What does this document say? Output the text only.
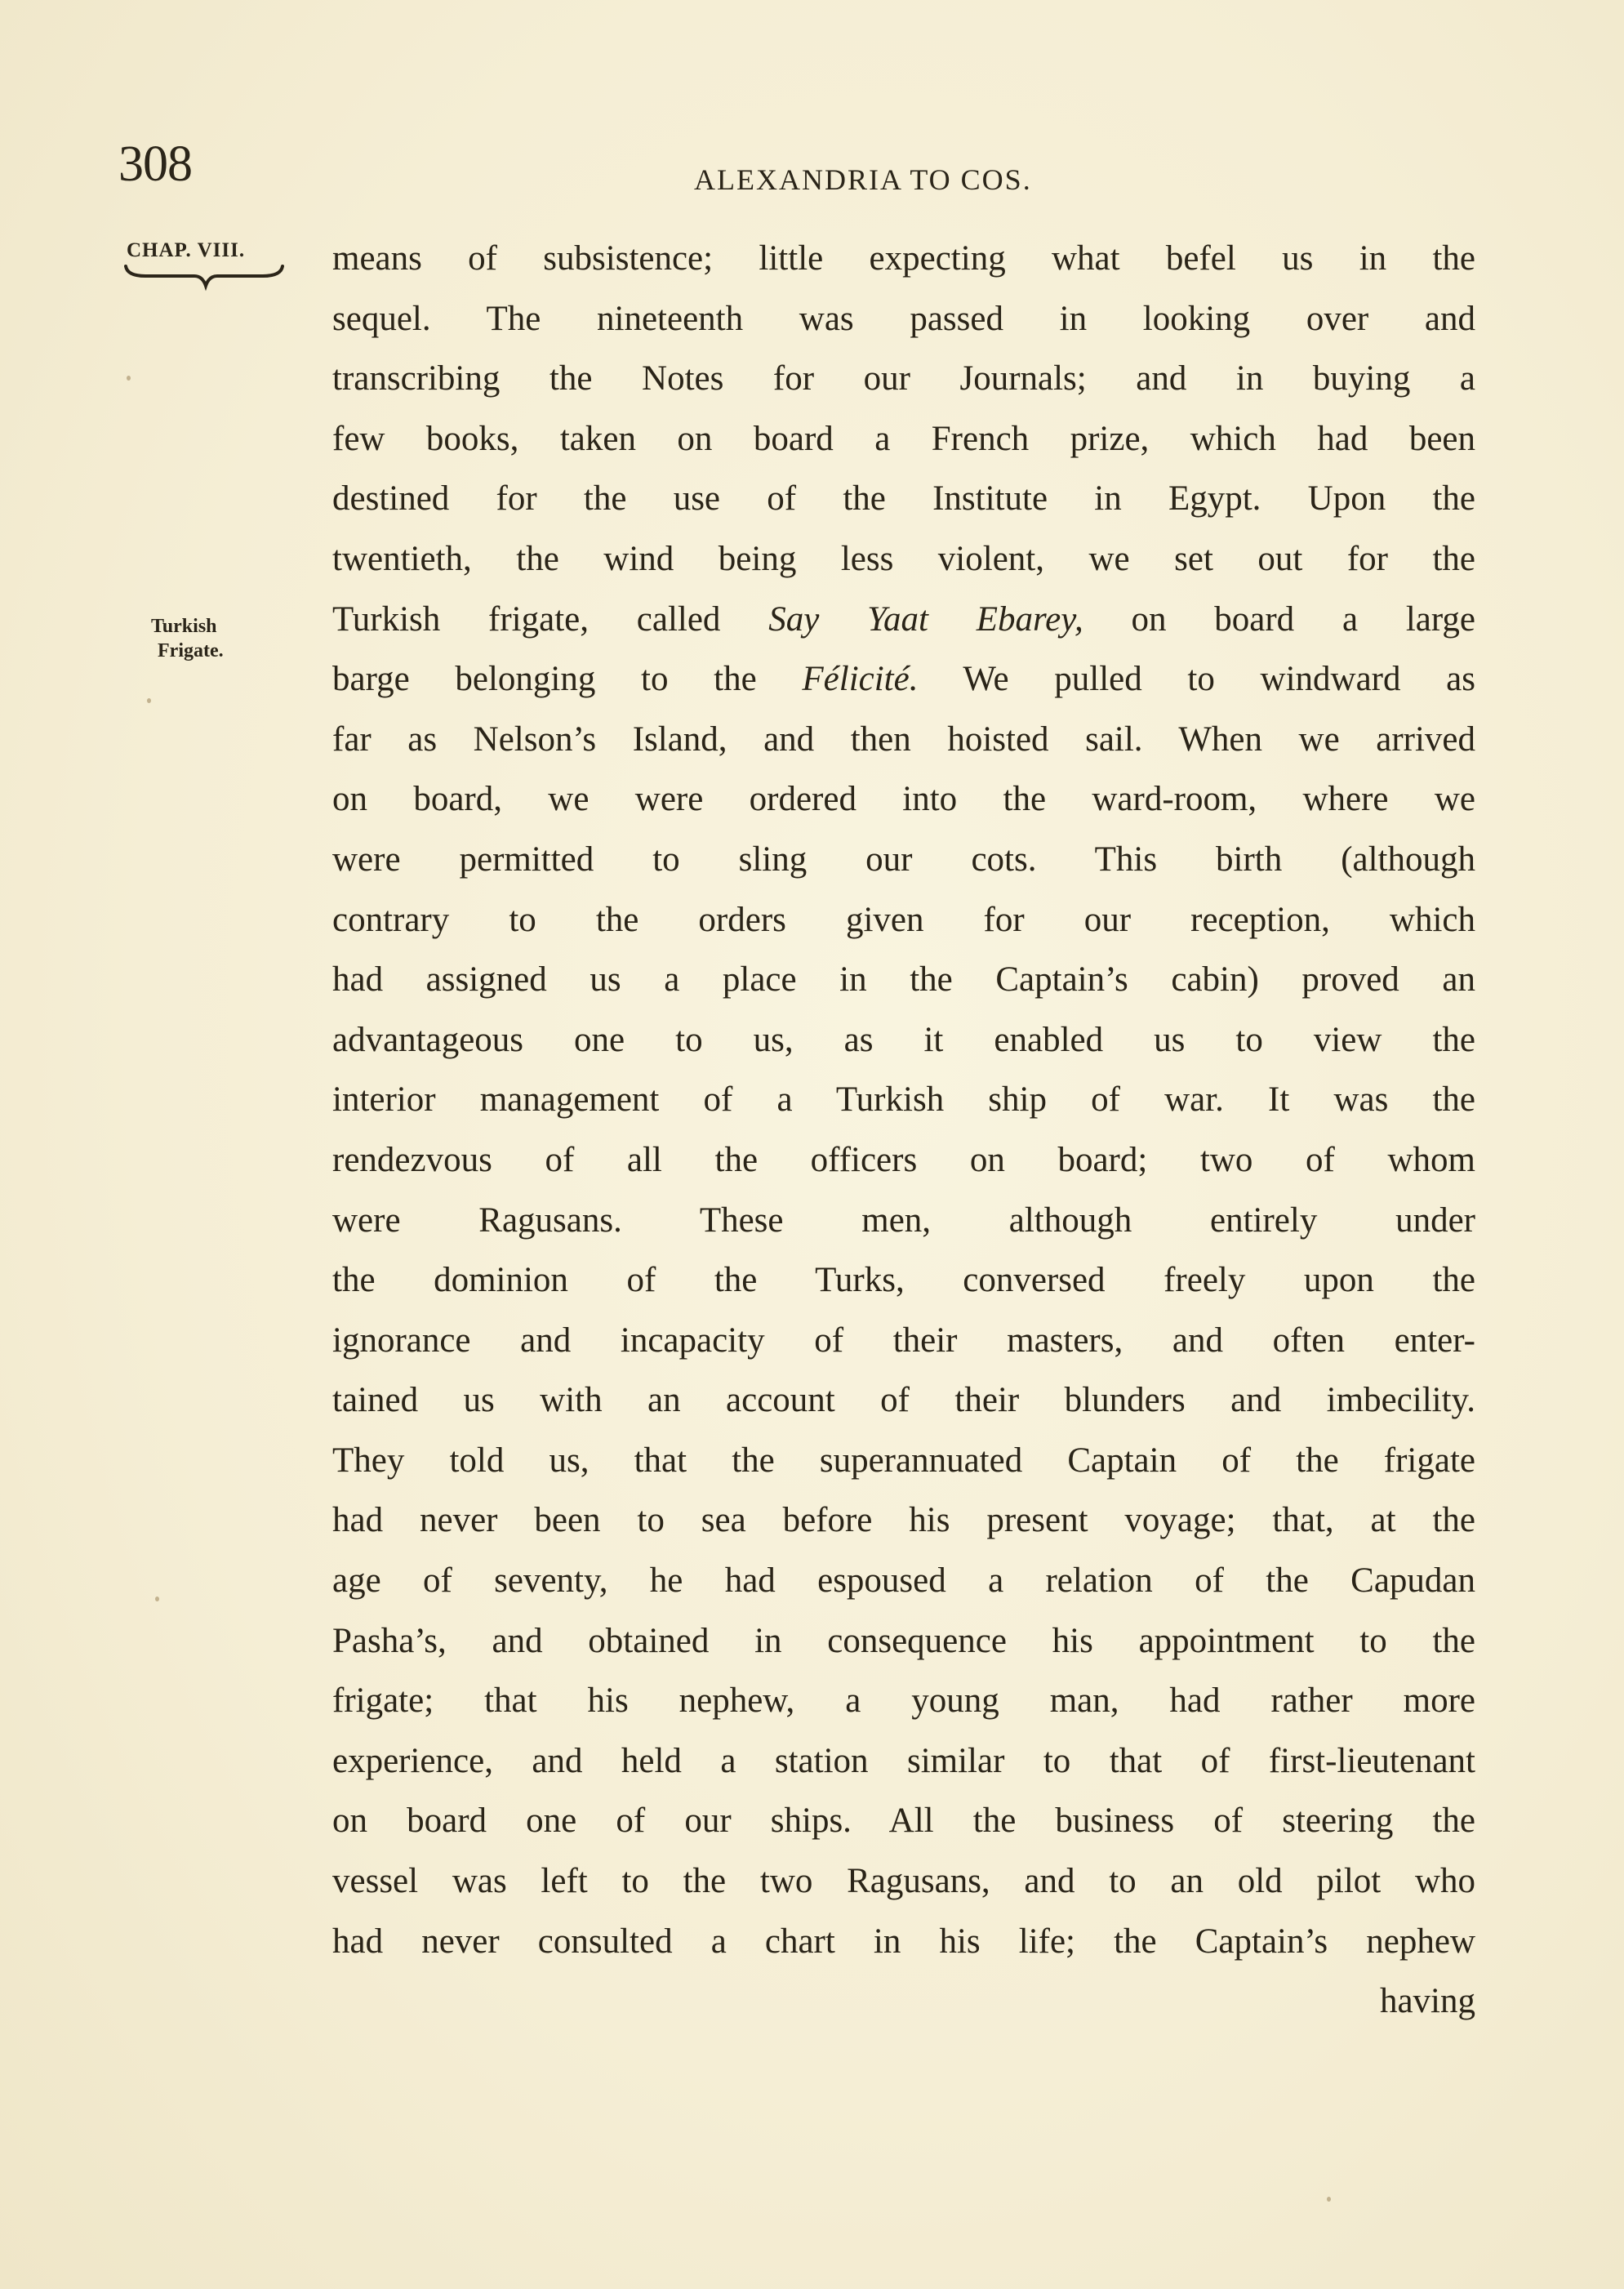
308	ALEXANDRIA TO COS.
CHAP. VIII.
Turkish
Frigate.
means of subsistence; little expecting what befel us in the
sequel. The nineteenth was passed in looking over and
transcribing the Notes for our Journals; and in buying a
few books, taken on board a French prize, which had been
destined for the use of the Institute in Egypt. Upon the
twentieth, the wind being less violent, we set out for the
Turkish frigate, called Say Yaat Ebarey, on board a large
barge belonging to the Félicité. We pulled to windward as
far as Nelson’s Island, and then hoisted sail. When we arrived
on board, we were ordered into the ward-room, where we
were permitted to sling our cots. This birth (although
contrary to the orders given for our reception, which
had assigned us a place in the Captain’s cabin) proved an
advantageous one to us, as it enabled us to view the
interior management of a Turkish ship of war. It was the
rendezvous of all the officers on board; two of whom
were Ragusans. These men, although entirely under
the dominion of the Turks, conversed freely upon the
ignorance and incapacity of their masters, and often enter-
tained us with an account of their blunders and imbecility.
They told us, that the superannuated Captain of the frigate
had never been to sea before his present voyage; that, at the
age of seventy, he had espoused a relation of the Capudan
Pasha’s, and obtained in consequence his appointment to the
frigate; that his nephew, a young man, had rather more
experience, and held a station similar to that of first-lieutenant
on board one of our ships. All the business of steering the
vessel was left to the two Ragusans, and to an old pilot who
had never consulted a chart in his life; the Captain’s nephew
having
